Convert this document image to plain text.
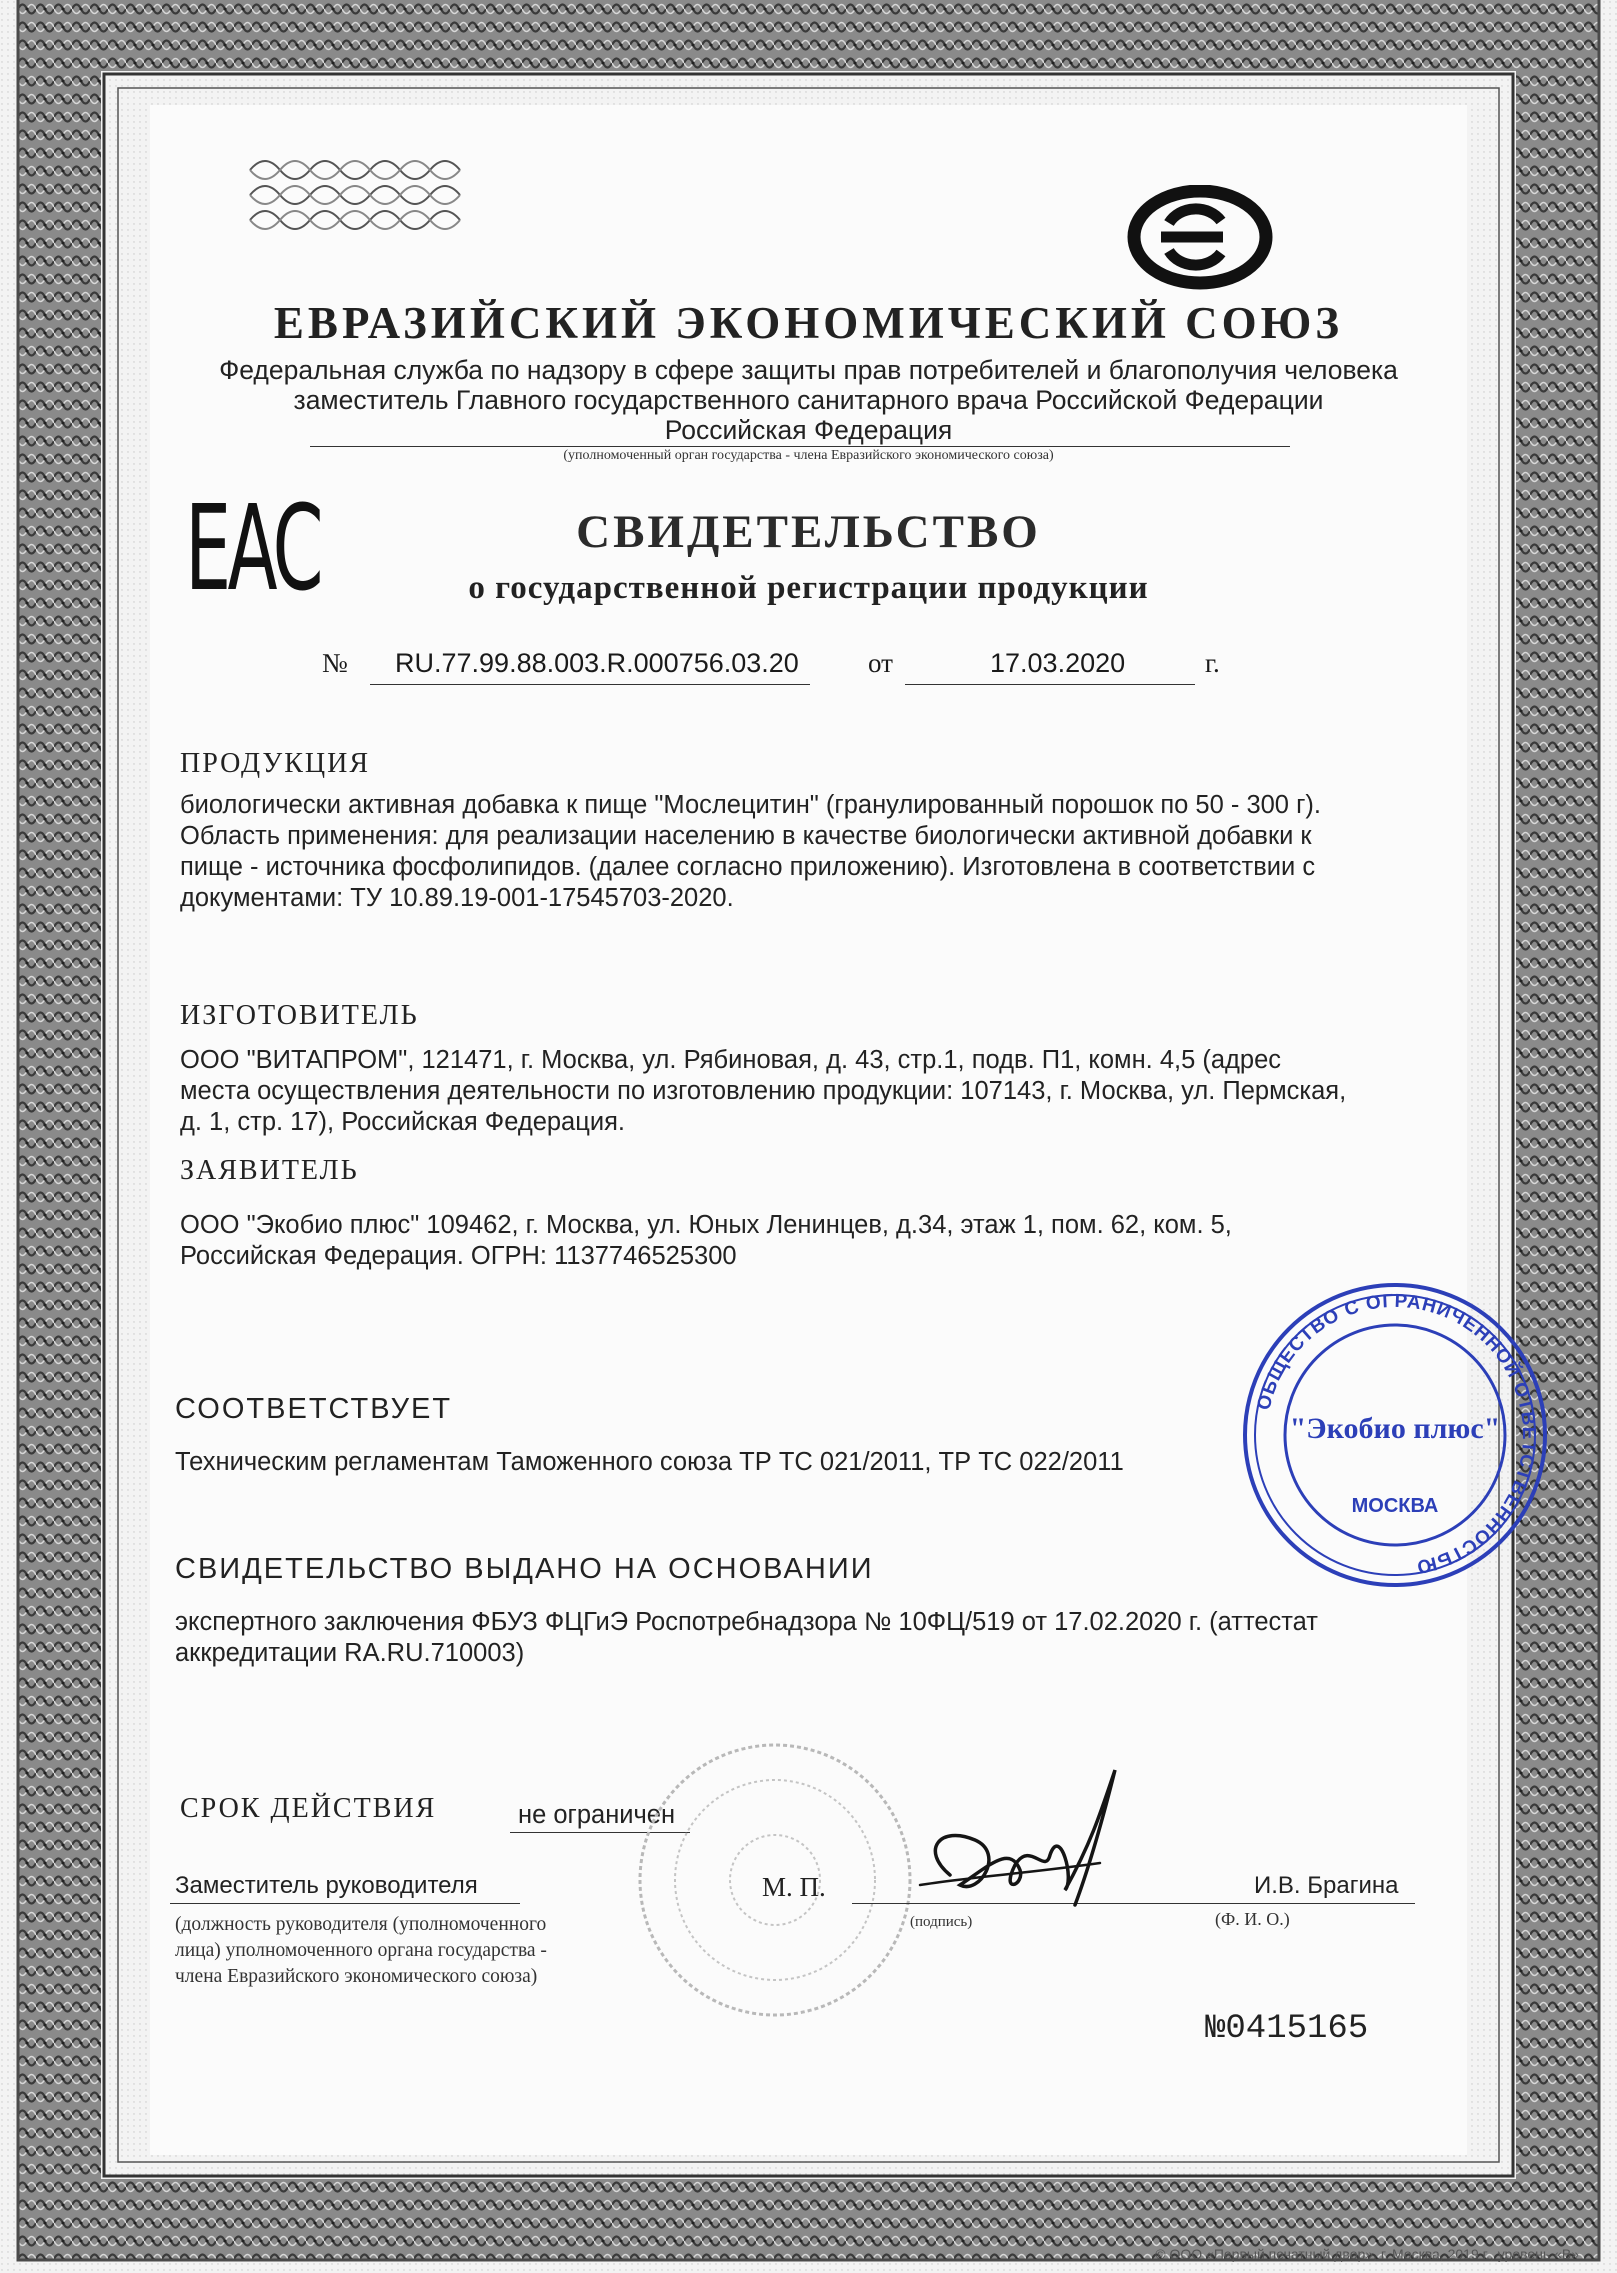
ЕВРАЗИЙСКИЙ ЭКОНОМИЧЕСКИЙ СОЮЗ
Федеральная служба по надзору в сфере защиты прав потребителей и благополучия человека
заместитель Главного государственного санитарного врача Российской Федерации
Российская Федерация
(уполномоченный орган государства - члена Евразийского экономического союза)
EAC	СВИДЕТЕЛЬСТВО
о государственной регистрации продукции
№ RU.77.99.88.003.R.000756.03.20	от	17.03.2020	г.
ПРОДУКЦИЯ
биологически активная добавка к пище "Мослецитин" (гранулированный порошок по 50 - 300 г).
Область применения: для реализации населению в качестве биологически активной добавки к
пище - источника фосфолипидов. (далее согласно приложению). Изготовлена в соответствии с
документами: ТУ 10.89.19-001-17545703-2020.
ИЗГОТОВИТЕЛЬ
ООО "ВИТАПРОМ", 121471, г. Москва, ул. Рябиновая, д. 43, стр.1, подв. П1, комн. 4,5 (адрес
места осуществления деятельности по изготовлению продукции: 107143, г. Москва, ул. Пермская,
д. 1, стр. 17), Российская Федерация.
ЗАЯВИТЕЛЬ
ООО "Экобио плюс" 109462, г. Москва, ул. Юных Ленинцев, д.34, этаж 1, пом. 62, ком. 5,
Российская Федерация. ОГРН: 1137746525300
СООТВЕТСТВУЕТ
Техническим регламентам Таможенного союза ТР ТС 021/2011, ТР ТС 022/2011
СВИДЕТЕЛЬСТВО ВЫДАНО НА ОСНОВАНИИ
экспертного заключения ФБУЗ ФЦГиЭ Роспотребнадзора № 10ФЦ/519 от 17.02.2020 г. (аттестат
аккредитации RA.RU.710003)
СРОК ДЕЙСТВИЯ	не ограничен
Заместитель руководителя	М. П.	И.В. Брагина
(должность руководителя (уполномоченного
лица) уполномоченного органа государства -
члена Евразийского экономического союза)
(подпись)	(Ф. И. О.)
ОБЩЕСТВО С ОГРАНИЧЕННОЙ ОТВЕТСТВЕННОСТЬЮ
"Экобио плюс"
МОСКВА
№0415165
© ООО «Первый печатный двор», г. Москва, 2019 г., уровень «В»
